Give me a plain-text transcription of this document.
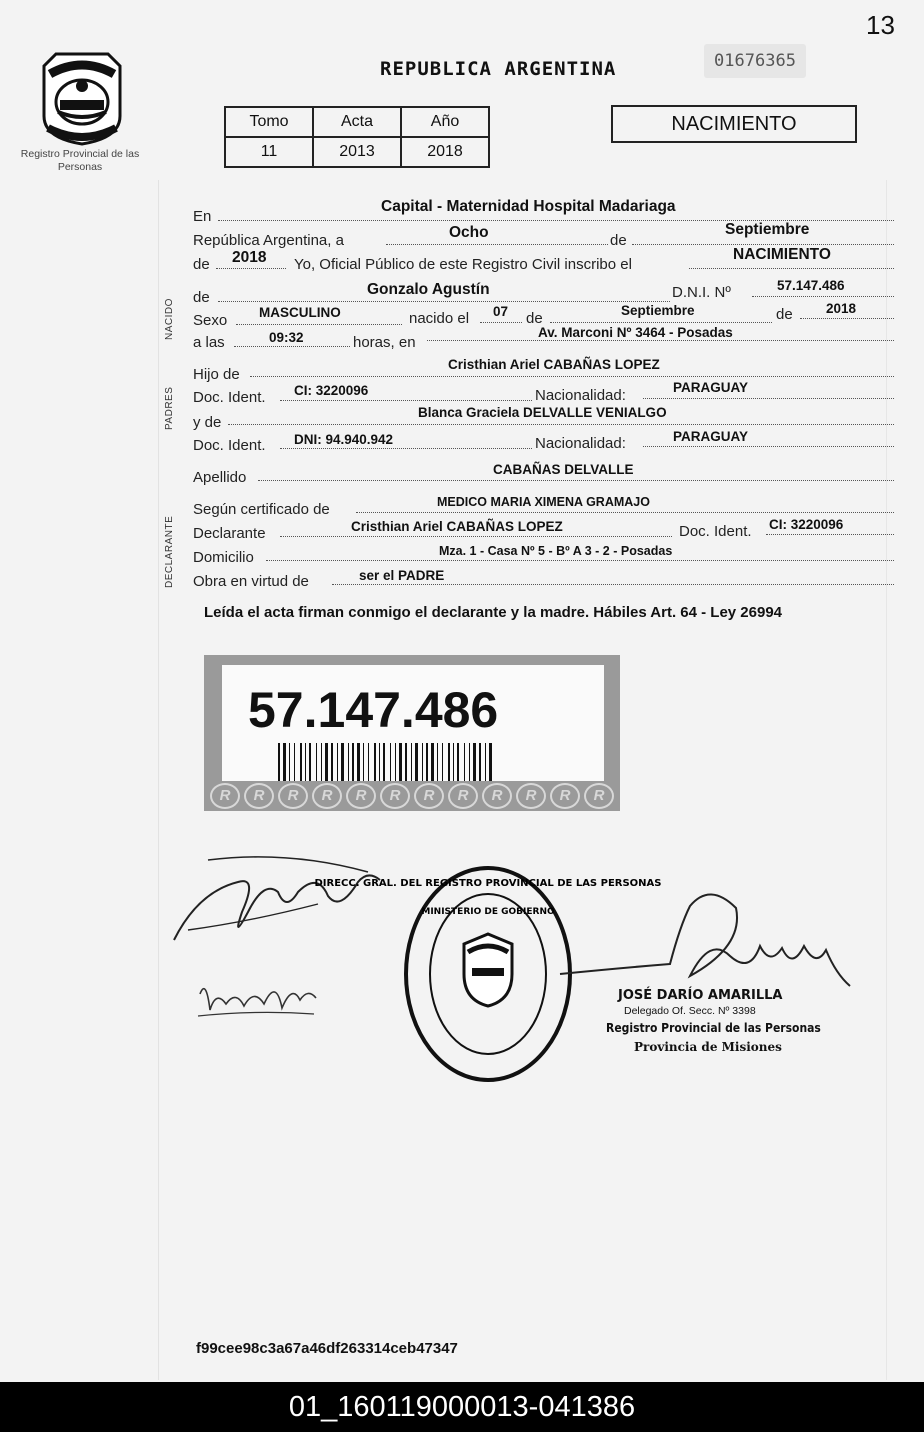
13
Registro Provincial de las Personas
REPUBLICA ARGENTINA	01676365
Tomo	Acta	Año
11	2013	2018
NACIMIENTO
NACIDO
PADRES
DECLARANTE
En
Capital - Maternidad Hospital Madariaga
República Argentina, a	Ocho	de
Septiembre
de 2018 Yo, Oficial Público de este Registro Civil inscribo el
NACIMIENTO
de	Gonzalo Agustín	D.N.I. Nº	57.147.486
Sexo MASCULINO	nacido el 07 de	Septiembre	de 2018
a las	09:32	horas, en
Av. Marconi Nº 3464 - Posadas
Hijo de
Cristhian Ariel CABAÑAS LOPEZ
Doc. Ident. CI: 3220096	Nacionalidad:	PARAGUAY
y de
Blanca Graciela DELVALLE VENIALGO
Doc. Ident. DNI: 94.940.942	Nacionalidad:	PARAGUAY
Apellido	CABAÑAS DELVALLE
Según certificado de	MEDICO MARIA XIMENA GRAMAJO
Declarante	Cristhian Ariel CABAÑAS LOPEZ	Doc. Ident. CI: 3220096
Domicilio	Mza. 1 - Casa Nº 5 - Bº A 3 - 2 - Posadas
Obra en virtud de	ser el PADRE
Leída el acta firman conmigo el declarante y la madre. Hábiles Art. 64 - Ley 26994
57.147.486
R	R	R	R	R	R	R	R	R	R	R	R
DIRECC. GRAL. DEL REGISTRO PROVINCIAL DE LAS PERSONAS
MINISTERIO DE GOBIERNO
JOSÉ DARÍO AMARILLA
Delegado Of. Secc. Nº 3398
Registro Provincial de las Personas
Provincia de Misiones
f99cee98c3a67a46df263314ceb47347
01_160119000013-041386
